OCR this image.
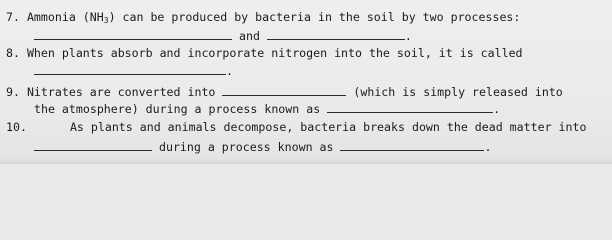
7. Ammonia $(NH_3)$ can be produced by bacteria in the soil by two processes:
and	.
8. When plants absorb and incorporate nitrogen into the soil, it is called
.
9. Nitrates are converted into	(which is simply released into
the atmosphere) during a process known as	.
10.	As plants and animals decompose, bacteria breaks down the dead matter into
during a process known as	.
